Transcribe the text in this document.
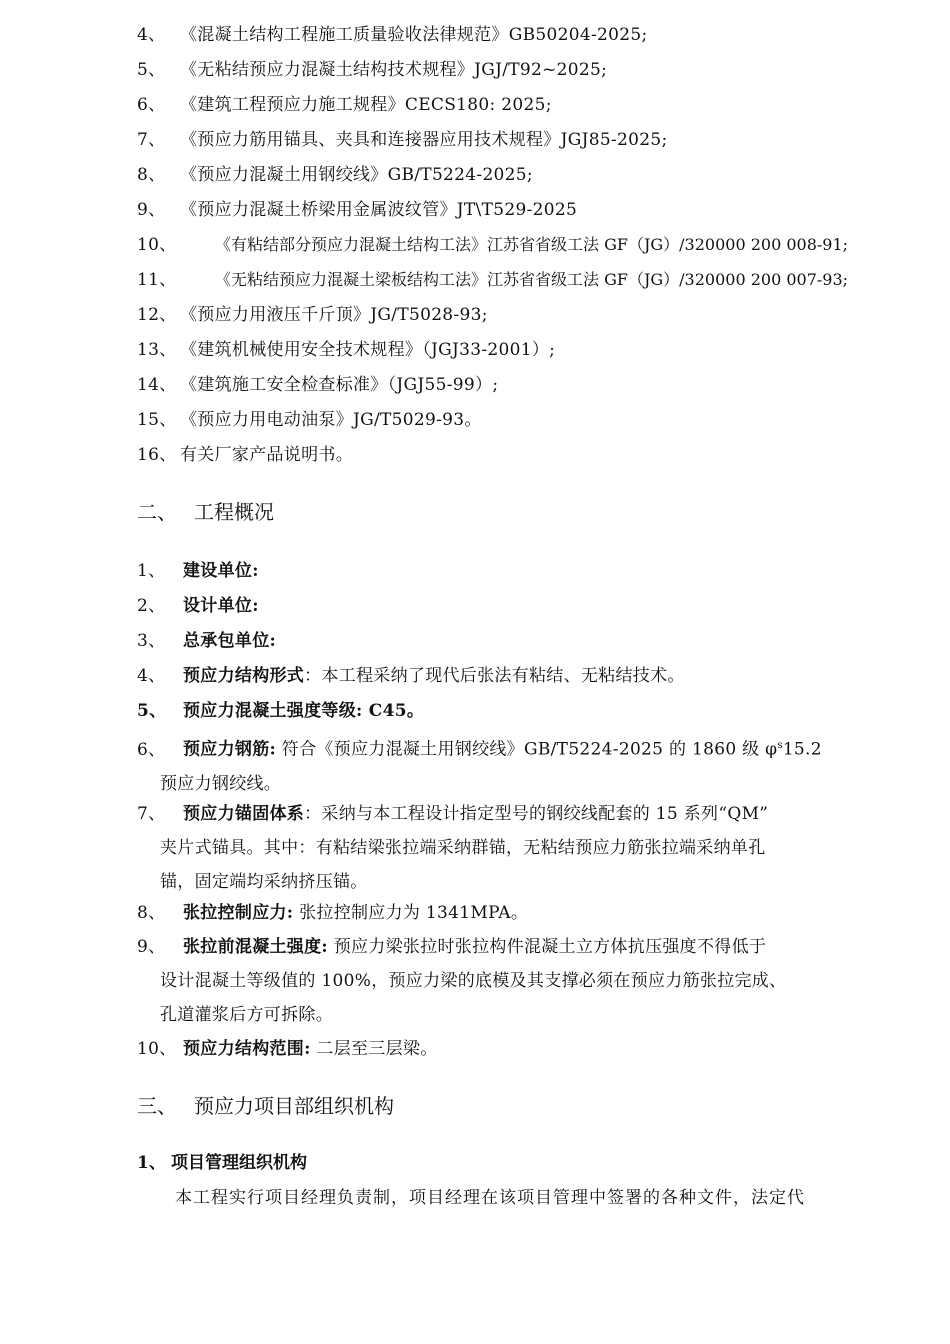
4、 《混凝土结构工程施工质量验收法律规范》GB50204-2025;
5、 《无粘结预应力混凝土结构技术规程》JGJ/T92~2025;
6、 《建筑工程预应力施工规程》CECS180: 2025;
7、 《预应力筋用锚具、夹具和连接器应用技术规程》JGJ85-2025;
8、 《预应力混凝土用钢绞线》GB/T5224-2025;
9、 《预应力混凝土桥梁用金属波纹管》JT\T529-2025
10、 《有粘结部分预应力混凝土结构工法》江苏省省级工法 GF（JG）/320000 200 008-91;
11、 《无粘结预应力混凝土梁板结构工法》江苏省省级工法 GF（JG）/320000 200 007-93;
12、 《预应力用液压千斤顶》JG/T5028-93;
13、 《建筑机械使用安全技术规程》（JGJ33-2001）;
14、 《建筑施工安全检查标准》（JGJ55-99）;
15、 《预应力用电动油泵》JG/T5029-93。
16、 有关厂家产品说明书。
二、 工程概况
1、 建设单位:
2、 设计单位:
3、 总承包单位:
4、 预应力结构形式：本工程采纳了现代后张法有粘结、无粘结技术。
5、 预应力混凝土强度等级: C45。
6、 预应力钢筋: 符合《预应力混凝土用钢绞线》GB/T5224-2025 的 1860 级 $\varphi^s15.2$
预应力钢绞线。
7、 预应力锚固体系：采纳与本工程设计指定型号的钢绞线配套的 15 系列“QM”
夹片式锚具。其中：有粘结梁张拉端采纳群锚，无粘结预应力筋张拉端采纳单孔
锚，固定端均采纳挤压锚。
8、 张拉控制应力: 张拉控制应力为 1341MPA。
9、 张拉前混凝土强度: 预应力梁张拉时张拉构件混凝土立方体抗压强度不得低于
设计混凝土等级值的 100%，预应力梁的底模及其支撑必须在预应力筋张拉完成、
孔道灌浆后方可拆除。
10、 预应力结构范围: 二层至三层梁。
三、 预应力项目部组织机构
1、 项目管理组织机构
本工程实行项目经理负责制，项目经理在该项目管理中签署的各种文件，法定代
